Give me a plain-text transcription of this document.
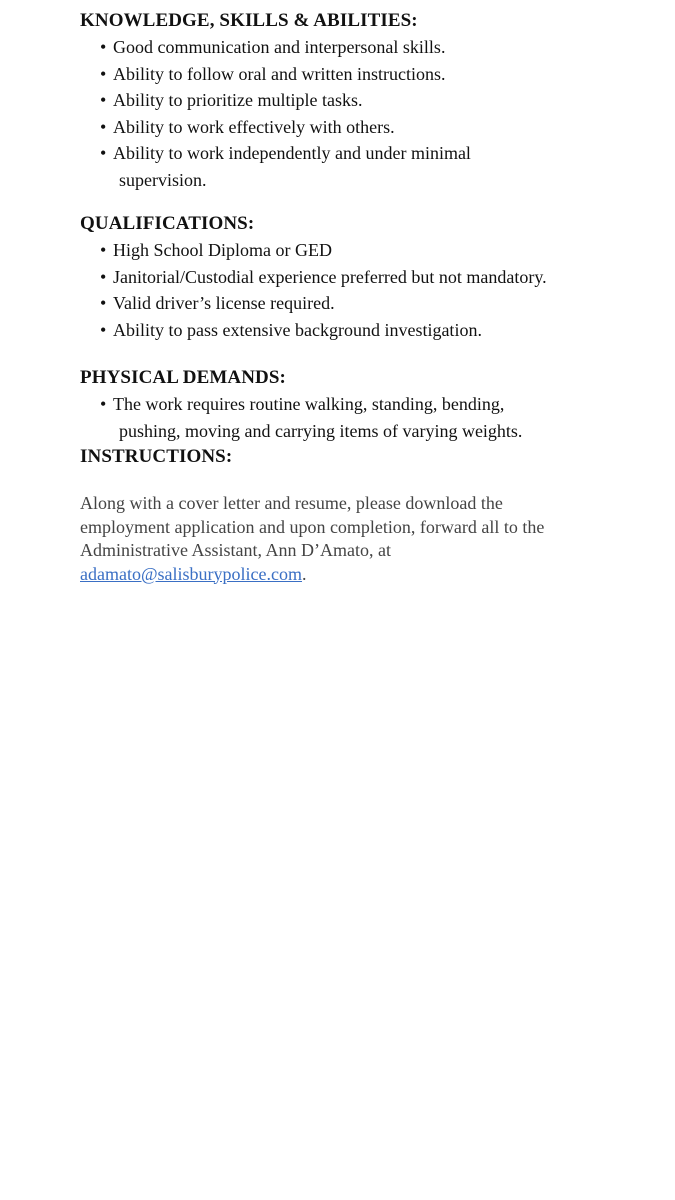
KNOWLEDGE, SKILLS & ABILITIES:
• Good communication and interpersonal skills.
• Ability to follow oral and written instructions.
• Ability to prioritize multiple tasks.
• Ability to work effectively with others.
• Ability to work independently and under minimal
supervision.
QUALIFICATIONS:
• High School Diploma or GED
• Janitorial/Custodial experience preferred but not mandatory.
• Valid driver’s license required.
• Ability to pass extensive background investigation.
PHYSICAL DEMANDS:
• The work requires routine walking, standing, bending,
pushing, moving and carrying items of varying weights.
INSTRUCTIONS:
Along with a cover letter and resume, please download the
employment application and upon completion, forward all to the
Administrative Assistant, Ann D’Amato, at
adamato@salisburypolice.com.
